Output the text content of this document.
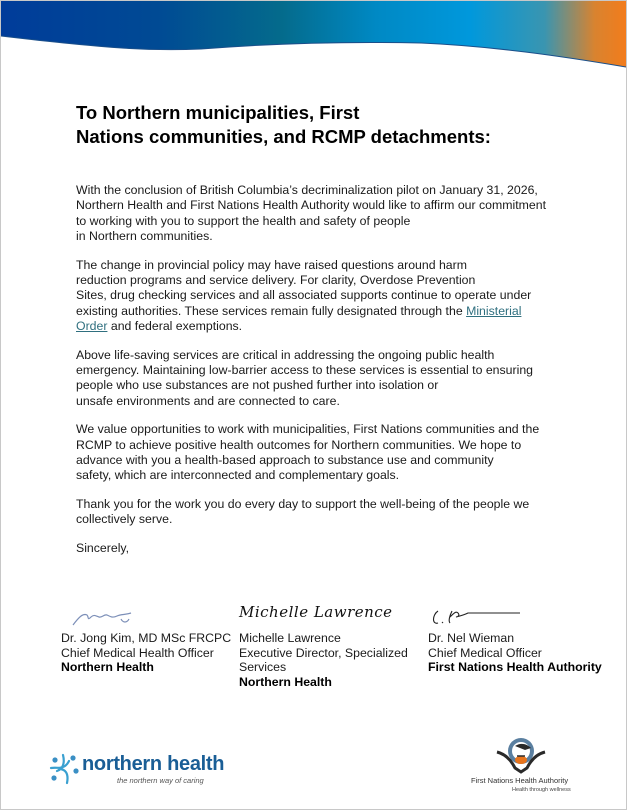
To Northern municipalities, First
Nations communities, and RCMP detachments:

With the conclusion of British Columbia’s decriminalization pilot on January 31, 2026,
Northern Health and First Nations Health Authority would like to affirm our commitment
to working with you to support the health and safety of people
in Northern communities.

The change in provincial policy may have raised questions around harm
reduction programs and service delivery. For clarity, Overdose Prevention
Sites, drug checking services and all associated supports continue to operate under
existing authorities. These services remain fully designated through the Ministerial
Order and federal exemptions.

Above life-saving services are critical in addressing the ongoing public health
emergency. Maintaining low-barrier access to these services is essential to ensuring
people who use substances are not pushed further into isolation or
unsafe environments and are connected to care.

We value opportunities to work with municipalities, First Nations communities and the
RCMP to achieve positive health outcomes for Northern communities. We hope to
advance with you a health-based approach to substance use and community
safety, which are interconnected and complementary goals.

Thank you for the work you do every day to support the well-being of the people we
collectively serve.

Sincerely,

Dr. Jong Kim, MD MSc FRCPC
Chief Medical Health Officer
Northern Health
Michelle Lawrence
Michelle Lawrence
Executive Director, Specialized
Services
Northern Health
Dr. Nel Wieman
Chief Medical Officer
First Nations Health Authority
northern health
the northern way of caring	First Nations Health Authority
Health through wellness
